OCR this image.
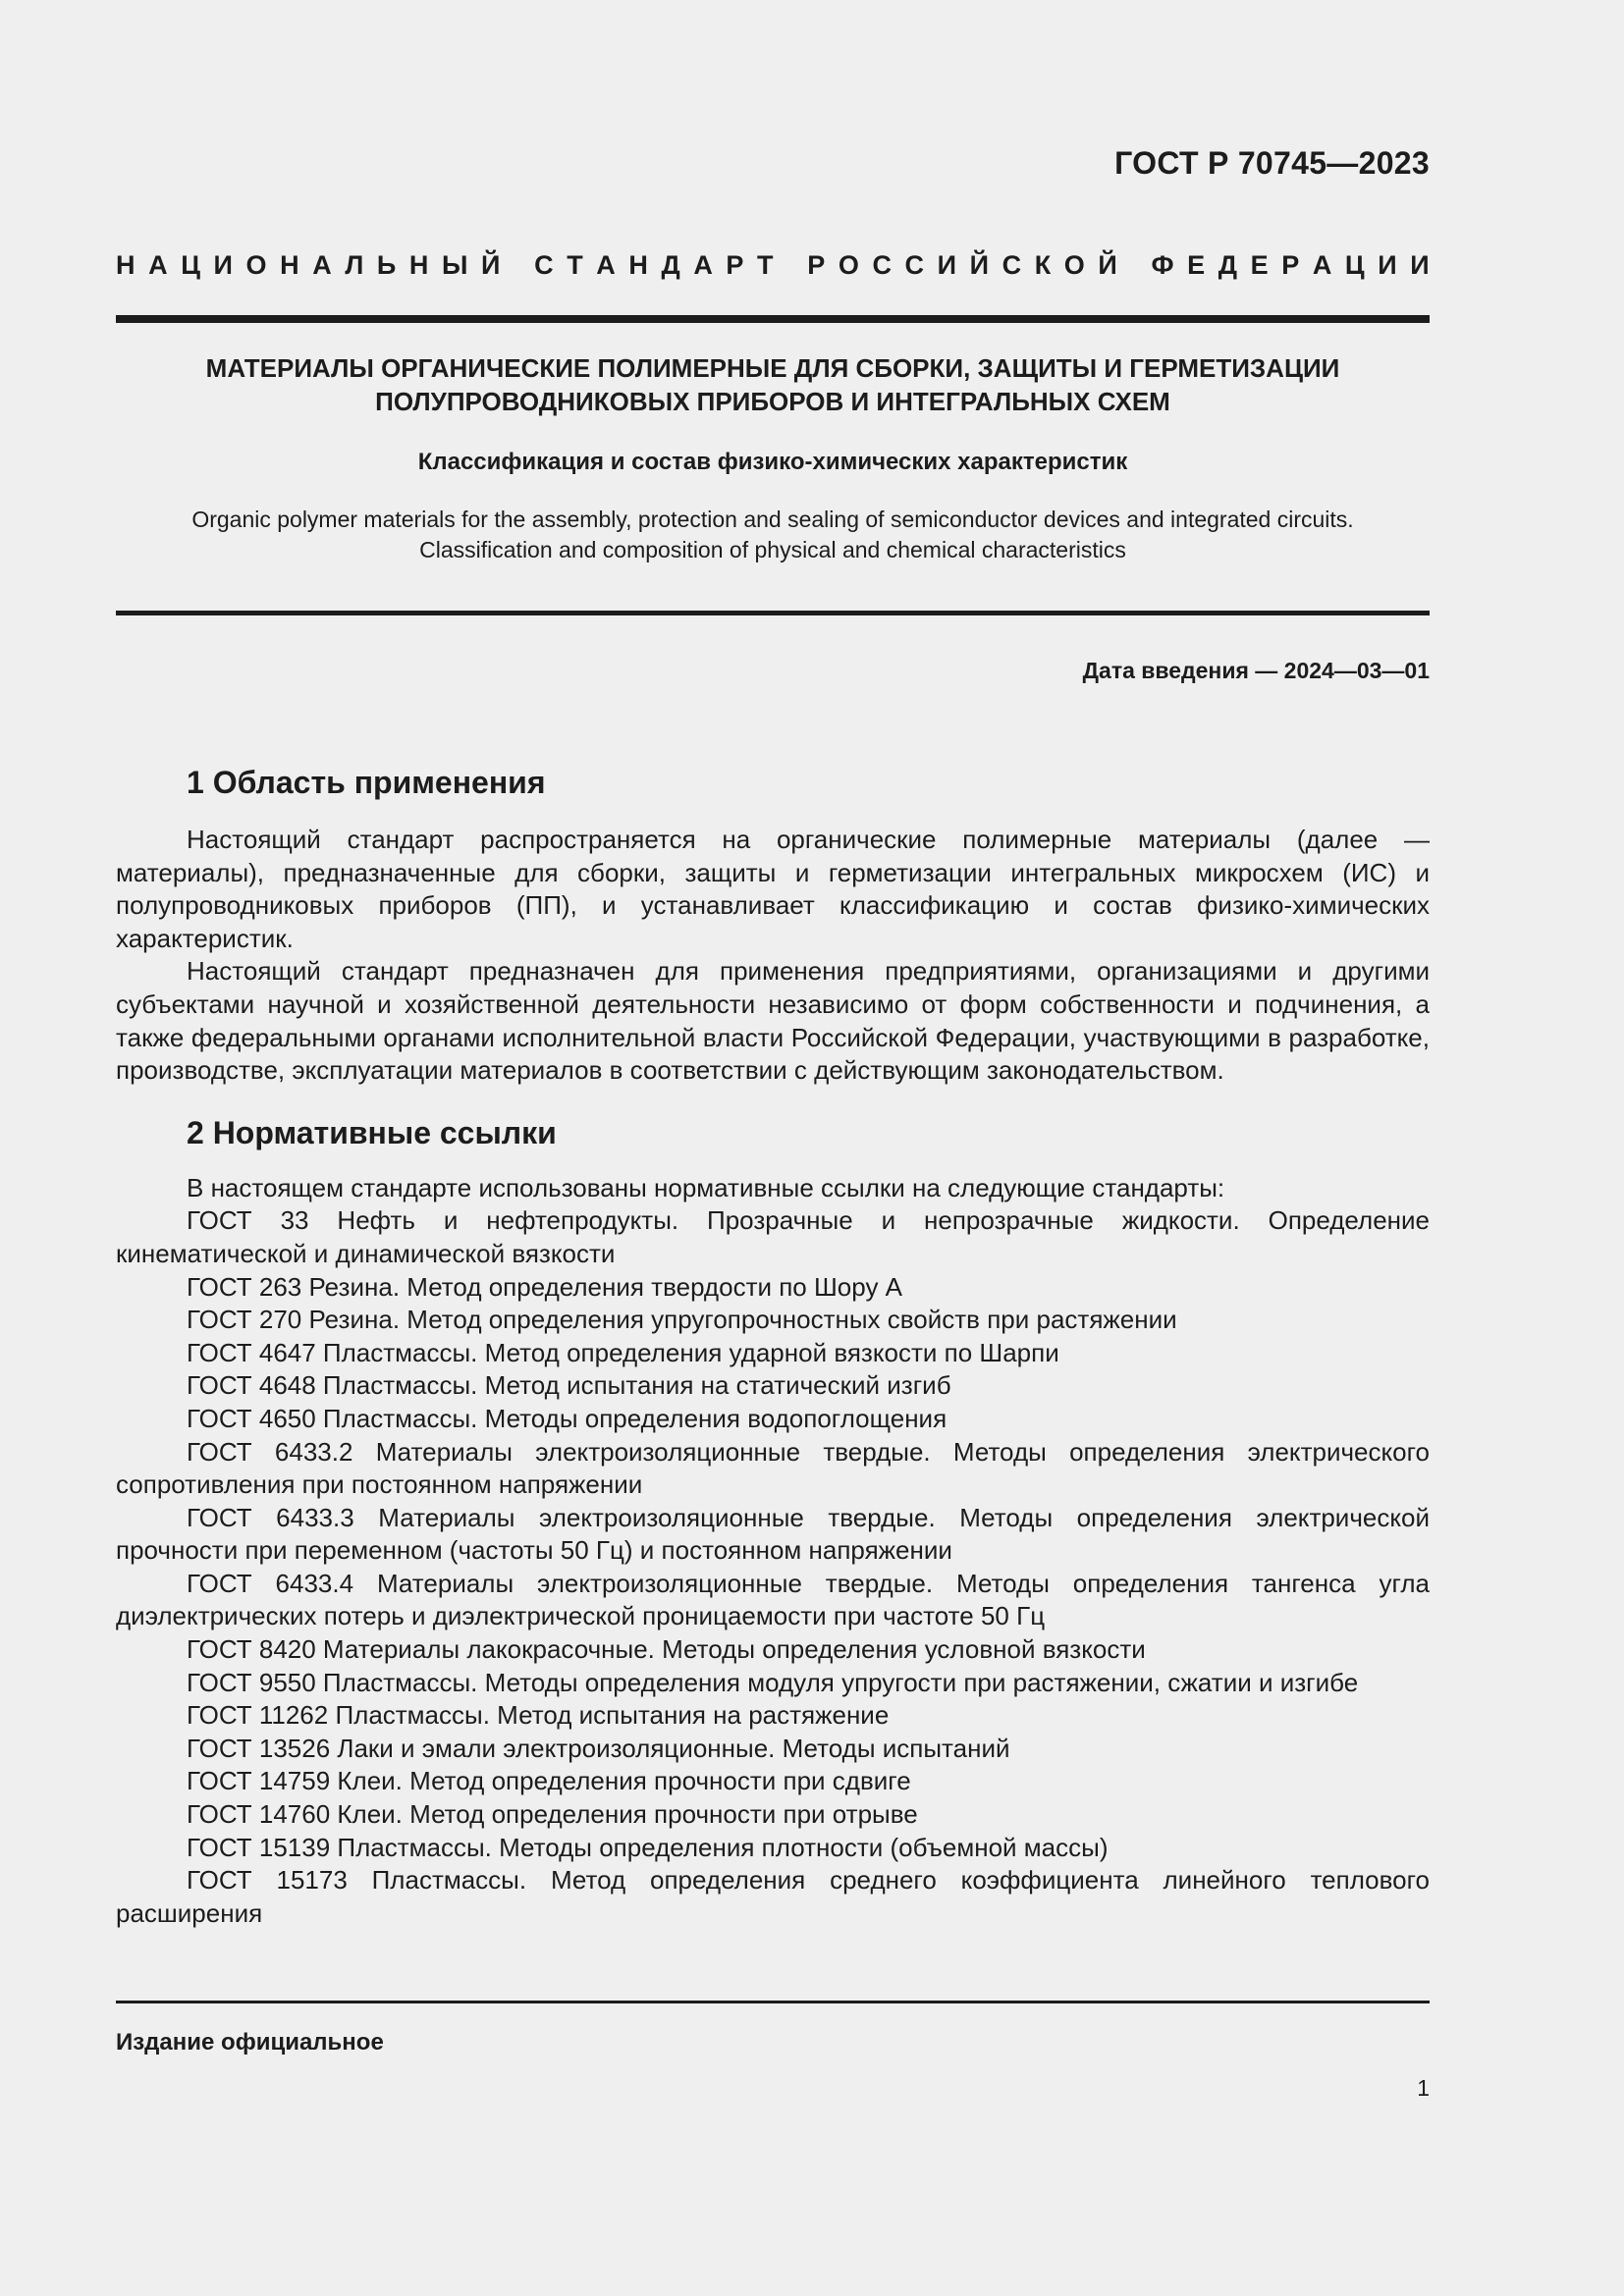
ГОСТ Р 70745—2023
Н А Ц И О Н А Л Ь Н Ы Й
С Т А Н Д А Р Т
Р О С С И Й С К О Й
Ф Е Д Е Р А Ц И И
МАТЕРИАЛЫ ОРГАНИЧЕСКИЕ ПОЛИМЕРНЫЕ ДЛЯ СБОРКИ, ЗАЩИТЫ И ГЕРМЕТИЗАЦИИ
ПОЛУПРОВОДНИКОВЫХ ПРИБОРОВ И ИНТЕГРАЛЬНЫХ СХЕМ
Классификация и состав физико-химических характеристик
Organic polymer materials for the assembly, protection and sealing of semiconductor devices and integrated circuits.
Classification and composition of physical and chemical characteristics
Дата введения — 2024—03—01
1 Область применения

Настоящий стандарт распространяется на органические полимерные материалы (далее — материалы), предназначенные для сборки, защиты и герметизации интегральных микросхем (ИС) и полупроводниковых приборов (ПП), и устанавливает классификацию и состав физико-химических характеристик.

Настоящий стандарт предназначен для применения предприятиями, организациями и другими субъектами научной и хозяйственной деятельности независимо от форм собственности и подчинения, а также федеральными органами исполнительной власти Российской Федерации, участвующими в разработке, производстве, эксплуатации материалов в соответствии с действующим законодательством.

2 Нормативные ссылки

В настоящем стандарте использованы нормативные ссылки на следующие стандарты:

ГОСТ 33 Нефть и нефтепродукты. Прозрачные и непрозрачные жидкости. Определение кинематической и динамической вязкости

ГОСТ 263 Резина. Метод определения твердости по Шору А

ГОСТ 270 Резина. Метод определения упругопрочностных свойств при растяжении

ГОСТ 4647 Пластмассы. Метод определения ударной вязкости по Шарпи

ГОСТ 4648 Пластмассы. Метод испытания на статический изгиб

ГОСТ 4650 Пластмассы. Методы определения водопоглощения

ГОСТ 6433.2 Материалы электроизоляционные твердые. Методы определения электрического сопротивления при постоянном напряжении

ГОСТ 6433.3 Материалы электроизоляционные твердые. Методы определения электрической прочности при переменном (частоты 50 Гц) и постоянном напряжении

ГОСТ 6433.4 Материалы электроизоляционные твердые. Методы определения тангенса угла диэлектрических потерь и диэлектрической проницаемости при частоте 50 Гц

ГОСТ 8420 Материалы лакокрасочные. Методы определения условной вязкости

ГОСТ 9550 Пластмассы. Методы определения модуля упругости при растяжении, сжатии и изгибе

ГОСТ 11262 Пластмассы. Метод испытания на растяжение

ГОСТ 13526 Лаки и эмали электроизоляционные. Методы испытаний

ГОСТ 14759 Клеи. Метод определения прочности при сдвиге

ГОСТ 14760 Клеи. Метод определения прочности при отрыве

ГОСТ 15139 Пластмассы. Методы определения плотности (объемной массы)

ГОСТ 15173 Пластмассы. Метод определения среднего коэффициента линейного теплового расширения

Издание официальное
1
